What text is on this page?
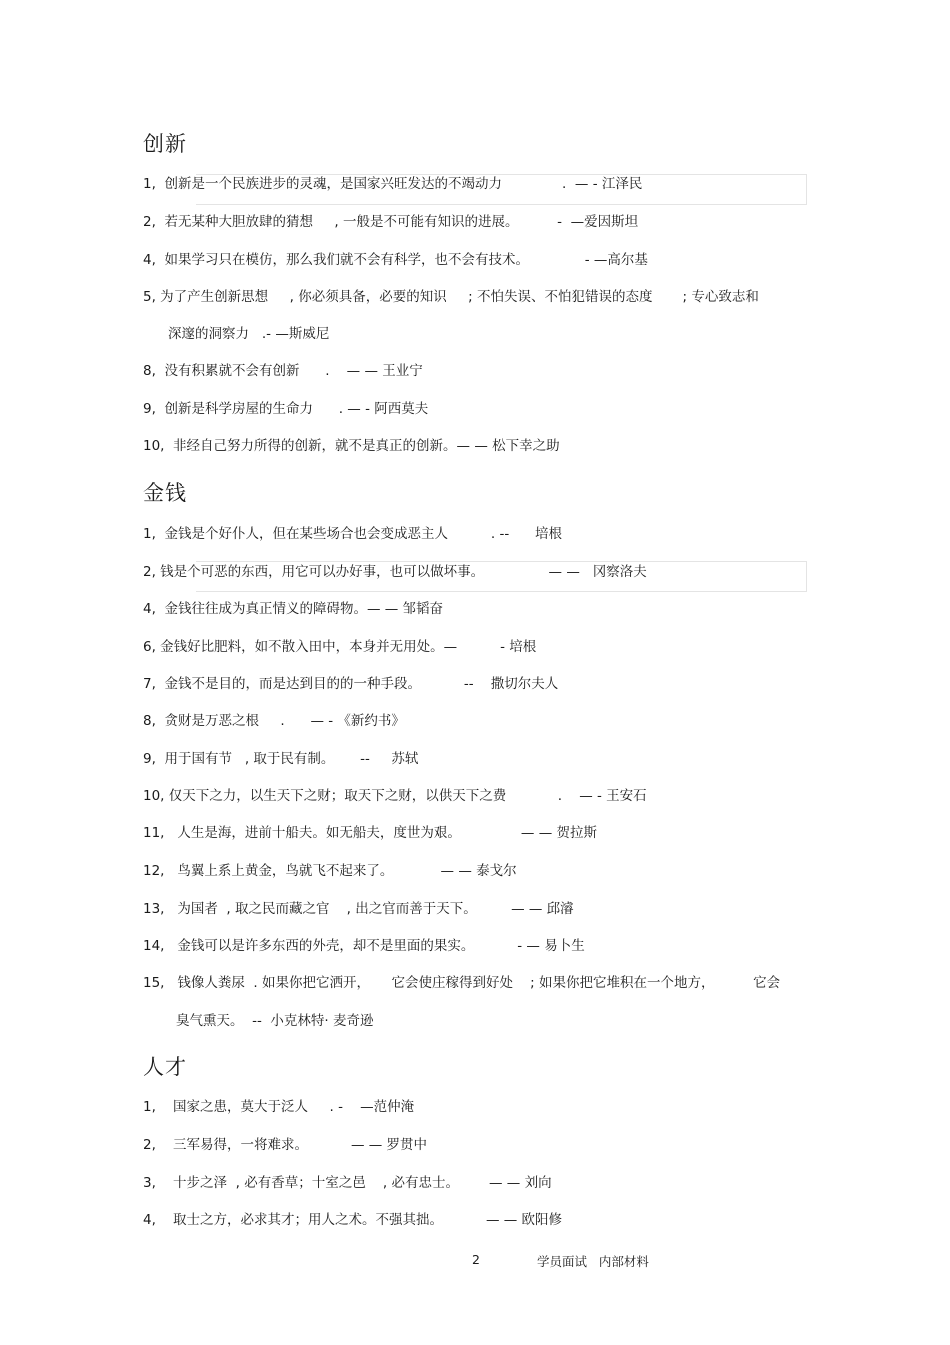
创新
1,  创新是一个民族进步的灵魂，是国家兴旺发达的不竭动力              .  — - 江泽民
2,  若无某种大胆放肆的猜想     , 一般是不可能有知识的进展。         -  —爱因斯坦
4,  如果学习只在模仿，那么我们就不会有科学，也不会有技术。             - —高尔基
5, 为了产生创新思想     , 你必须具备，必要的知识     ; 不怕失误、不怕犯错误的态度       ; 专心致志和
深邃的洞察力   .- —斯威尼
8,  没有积累就不会有创新      .    — — 王业宁
9,  创新是科学房屋的生命力      . — - 阿西莫夫
10,  非经自己努力所得的创新，就不是真正的创新。— — 松下幸之助
金钱
1,  金钱是个好仆人，但在某些场合也会变成恶主人          . --      培根
2, 钱是个可恶的东西，用它可以办好事，也可以做坏事。               — —   冈察洛夫
4,  金钱往往成为真正情义的障碍物。— — 邹韬奋
6, 金钱好比肥料，如不散入田中，本身并无用处。—          - 培根
7,  金钱不是目的，而是达到目的的一种手段。          --    撒切尔夫人
8,  贪财是万恶之根     .      — - 《新约书》
9,  用于国有节   , 取于民有制。      --     苏轼
10, 仅天下之力，以生天下之财；取天下之财，以供天下之费            .    — - 王安石
11,   人生是海，进前十船夫。如无船夫，度世为艰。              — — 贺拉斯
12,   鸟翼上系上黄金，鸟就飞不起来了。           — — 泰戈尔
13,   为国者  , 取之民而藏之官    , 出之官而善于天下。        — — 邱濬
14,   金钱可以是许多东西的外壳，却不是里面的果实。          - — 易卜生
15,   钱像人粪尿  . 如果你把它洒开，     它会使庄稼得到好处    ; 如果你把它堆积在一个地方，         它会
臭气熏天。  --  小克林特· 麦奇逊
人才
1,    国家之患，莫大于泛人     . -    —范仲淹
2,    三军易得，一将难求。          — — 罗贯中
3,    十步之泽  , 必有香草；十室之邑    , 必有忠士。       — — 刘向
4,    取士之方，必求其才；用人之术。不强其拙。          — — 欧阳修
2	学员面试   内部材料
